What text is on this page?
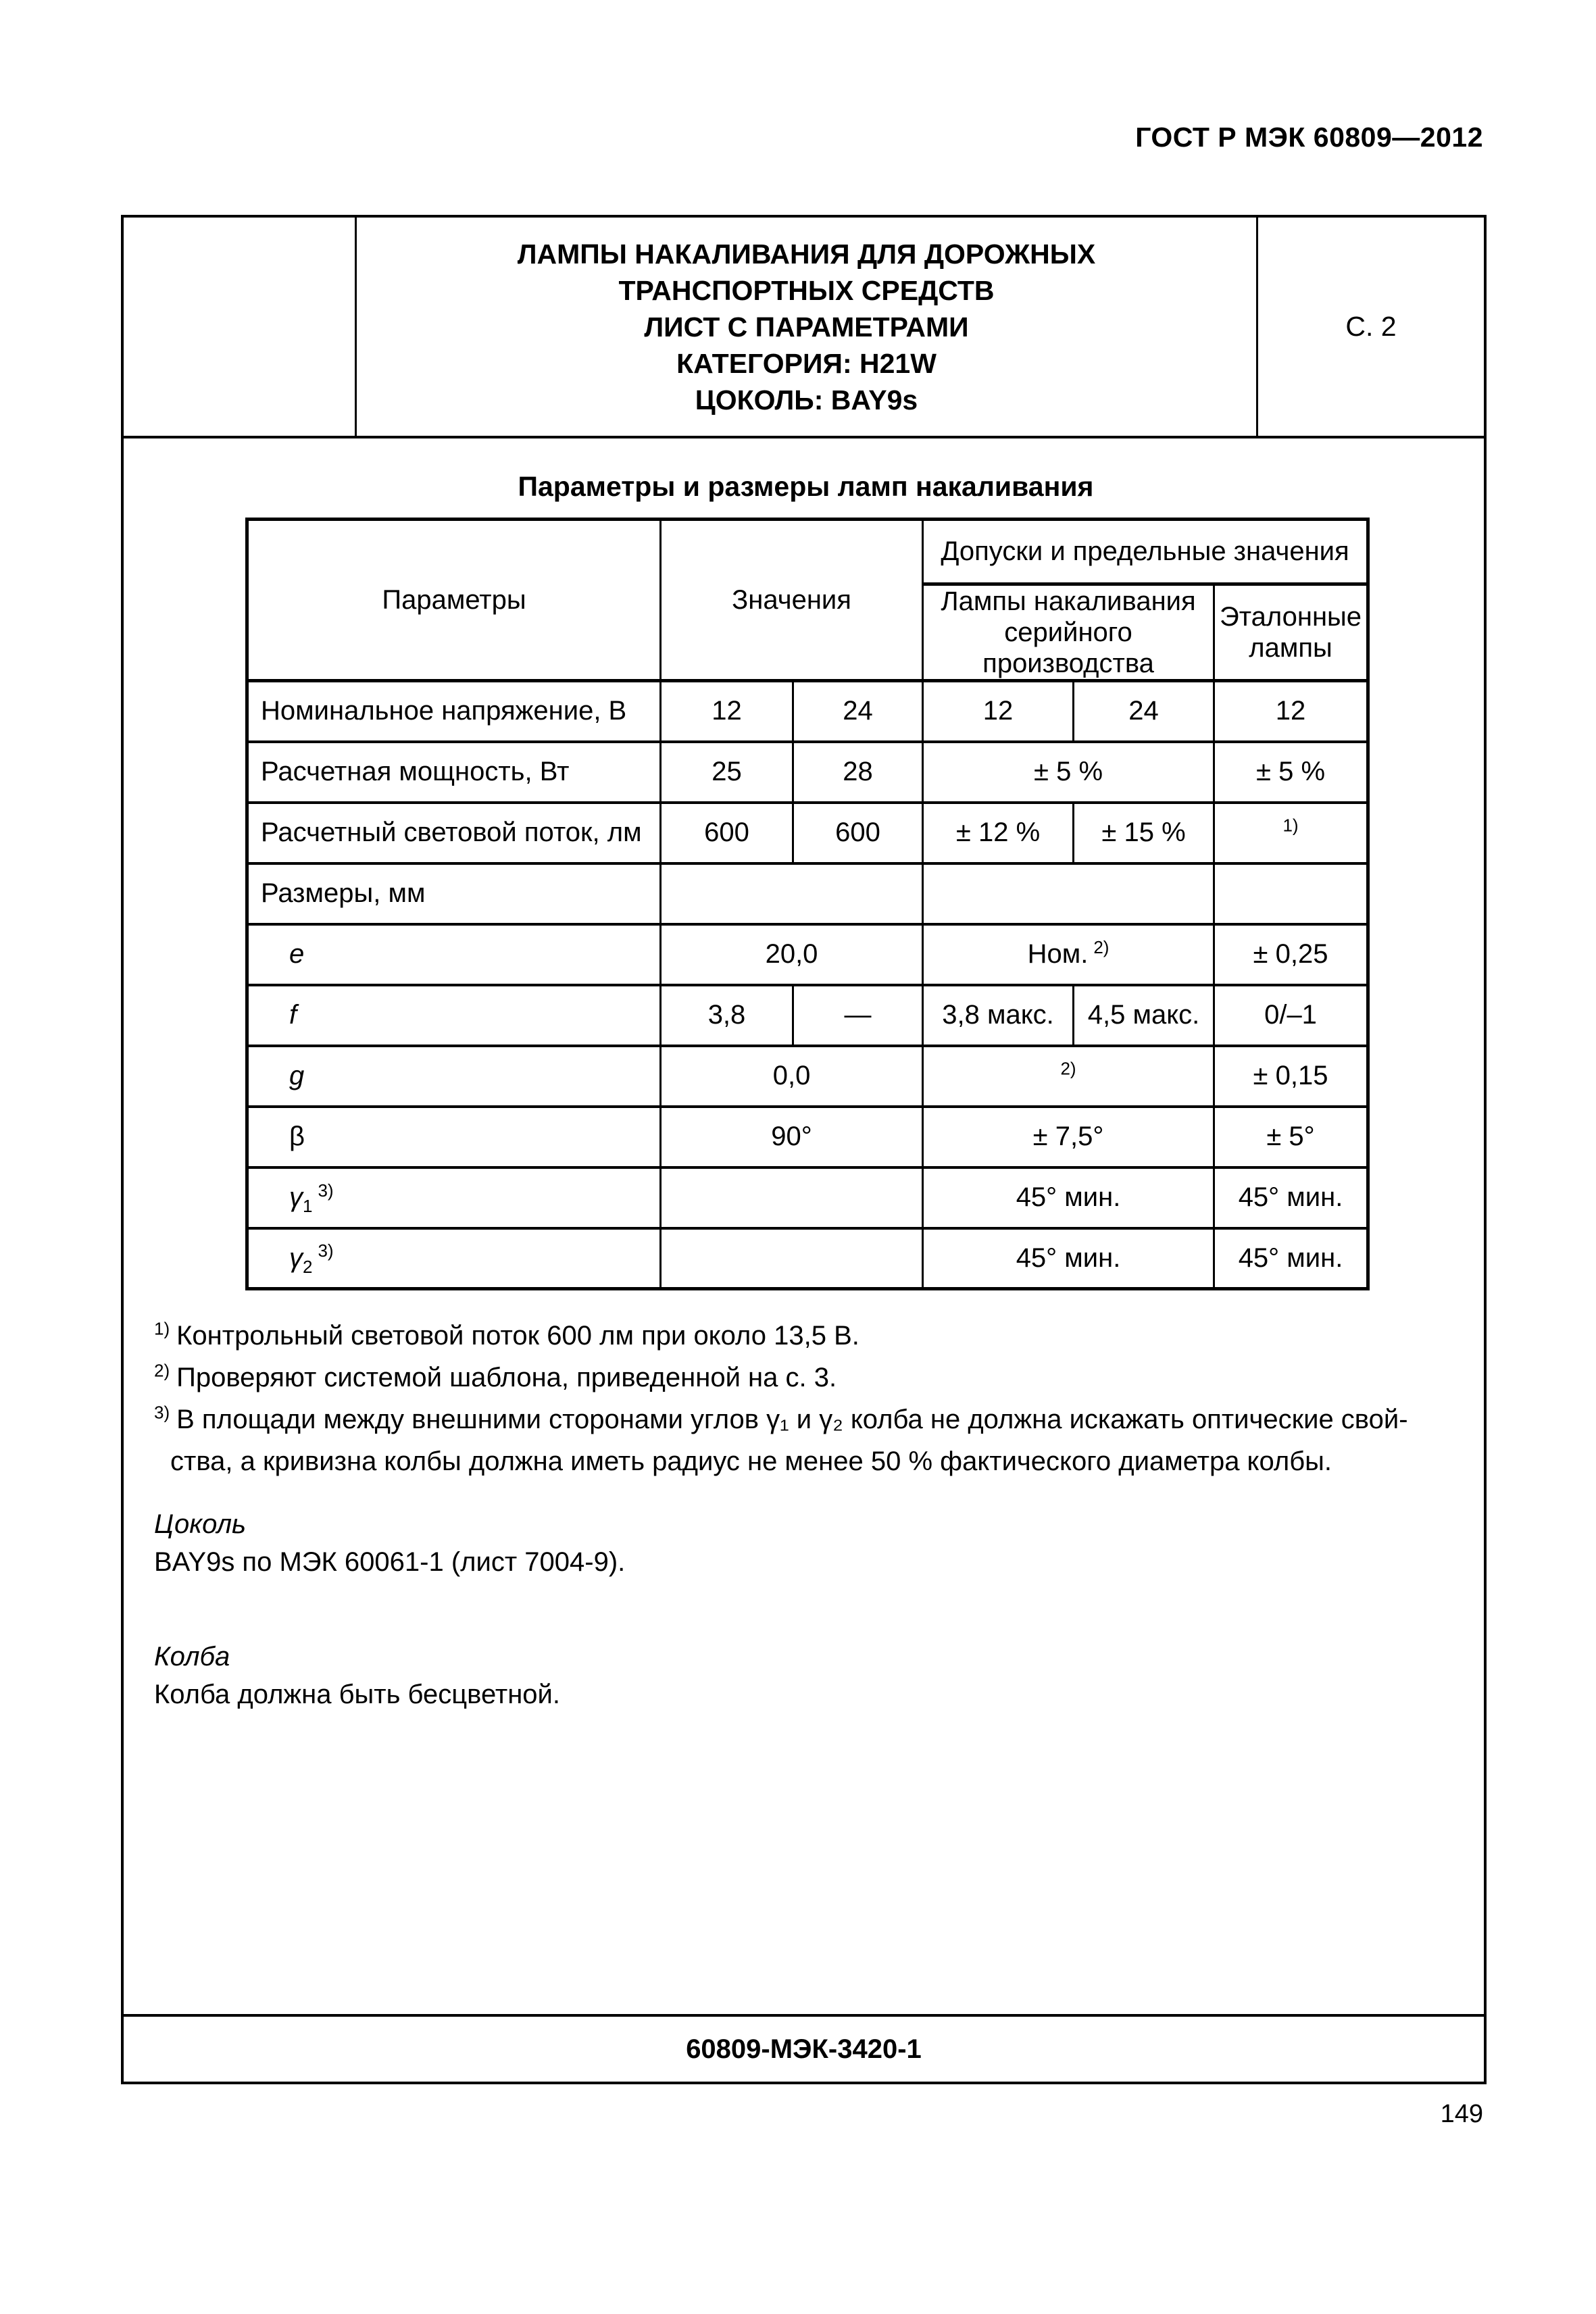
ГОСТ Р МЭК 60809—2012
ЛАМПЫ НАКАЛИВАНИЯ ДЛЯ ДОРОЖНЫХ
ТРАНСПОРТНЫХ СРЕДСТВ
ЛИСТ С ПАРАМЕТРАМИ
КАТЕГОРИЯ: H21W
ЦОКОЛЬ: BAY9s
С. 2
Параметры и размеры ламп накаливания
Параметры	Значения		Допуски и предельные значения		
			Лампы накаливания серийного производства		Эталонные лампы
Номинальное напряжение, В	12	24	12	24	12
Расчетная мощность, Вт	25	28	± 5 %		± 5 %
Расчетный световой поток, лм	600	600	± 12 %	± 15 %	$^{1)}$
Размеры, мм					
e	20,0		Ном. $^{2)}$		± 0,25
f	3,8	—	3,8 макс.	4,5 макс.	0/–1
g	0,0		$^{2)}$		± 0,15
β	90°		± 7,5°		± 5°
$\gamma_1^{3)}$			45° мин.		45° мин.
$\gamma_2^{3)}$			45° мин.		45° мин.
$^{1)}$ Контрольный световой поток 600 лм при около 13,5 В.
$^{2)}$ Проверяют системой шаблона, приведенной на с. 3.
$^{3)}$ В площади между внешними сторонами углов γ₁ и γ₂ колба не должна искажать оптические свой-
ства, а кривизна колбы должна иметь радиус не менее 50 % фактического диаметра колбы.
Цоколь
BAY9s по МЭК 60061-1 (лист 7004-9).
Колба
Колба должна быть бесцветной.
60809-МЭК-3420-1
149
